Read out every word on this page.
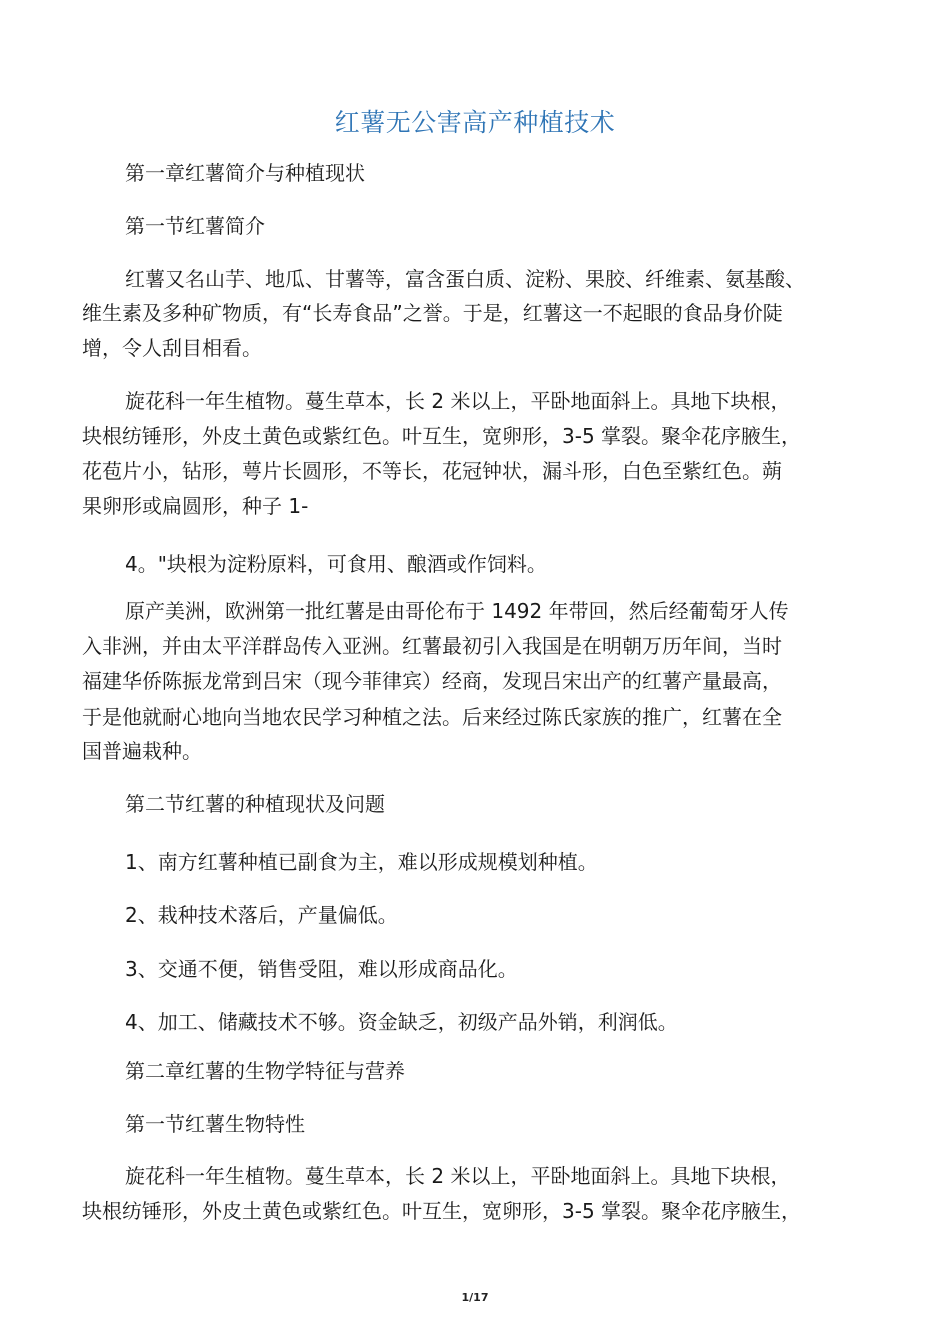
红薯无公害高产种植技术
第一章红薯简介与种植现状
第一节红薯简介
红薯又名山芋、地瓜、甘薯等，富含蛋白质、淀粉、果胶、纤维素、氨基酸、
维生素及多种矿物质，有“长寿食品”之誉。于是，红薯这一不起眼的食品身价陡
增，令人刮目相看。
旋花科一年生植物。蔓生草本，长 2 米以上，平卧地面斜上。具地下块根，
块根纺锤形，外皮土黄色或紫红色。叶互生，宽卵形，3-5 掌裂。聚伞花序腋生，
花苞片小，钻形，萼片长圆形，不等长，花冠钟状，漏斗形，白色至紫红色。蒴
果卵形或扁圆形，种子 1-
4。"块根为淀粉原料，可食用、酿酒或作饲料。
原产美洲，欧洲第一批红薯是由哥伦布于 1492 年带回，然后经葡萄牙人传
入非洲，并由太平洋群岛传入亚洲。红薯最初引入我国是在明朝万历年间，当时
福建华侨陈振龙常到吕宋（现今菲律宾）经商，发现吕宋出产的红薯产量最高，
于是他就耐心地向当地农民学习种植之法。后来经过陈氏家族的推广，红薯在全
国普遍栽种。
第二节红薯的种植现状及问题
1、南方红薯种植已副食为主，难以形成规模划种植。
2、栽种技术落后，产量偏低。
3、交通不便，销售受阻，难以形成商品化。
4、加工、储藏技术不够。资金缺乏，初级产品外销，利润低。
第二章红薯的生物学特征与营养
第一节红薯生物特性
旋花科一年生植物。蔓生草本，长 2 米以上，平卧地面斜上。具地下块根，
块根纺锤形，外皮土黄色或紫红色。叶互生，宽卵形，3-5 掌裂。聚伞花序腋生，
1/17
